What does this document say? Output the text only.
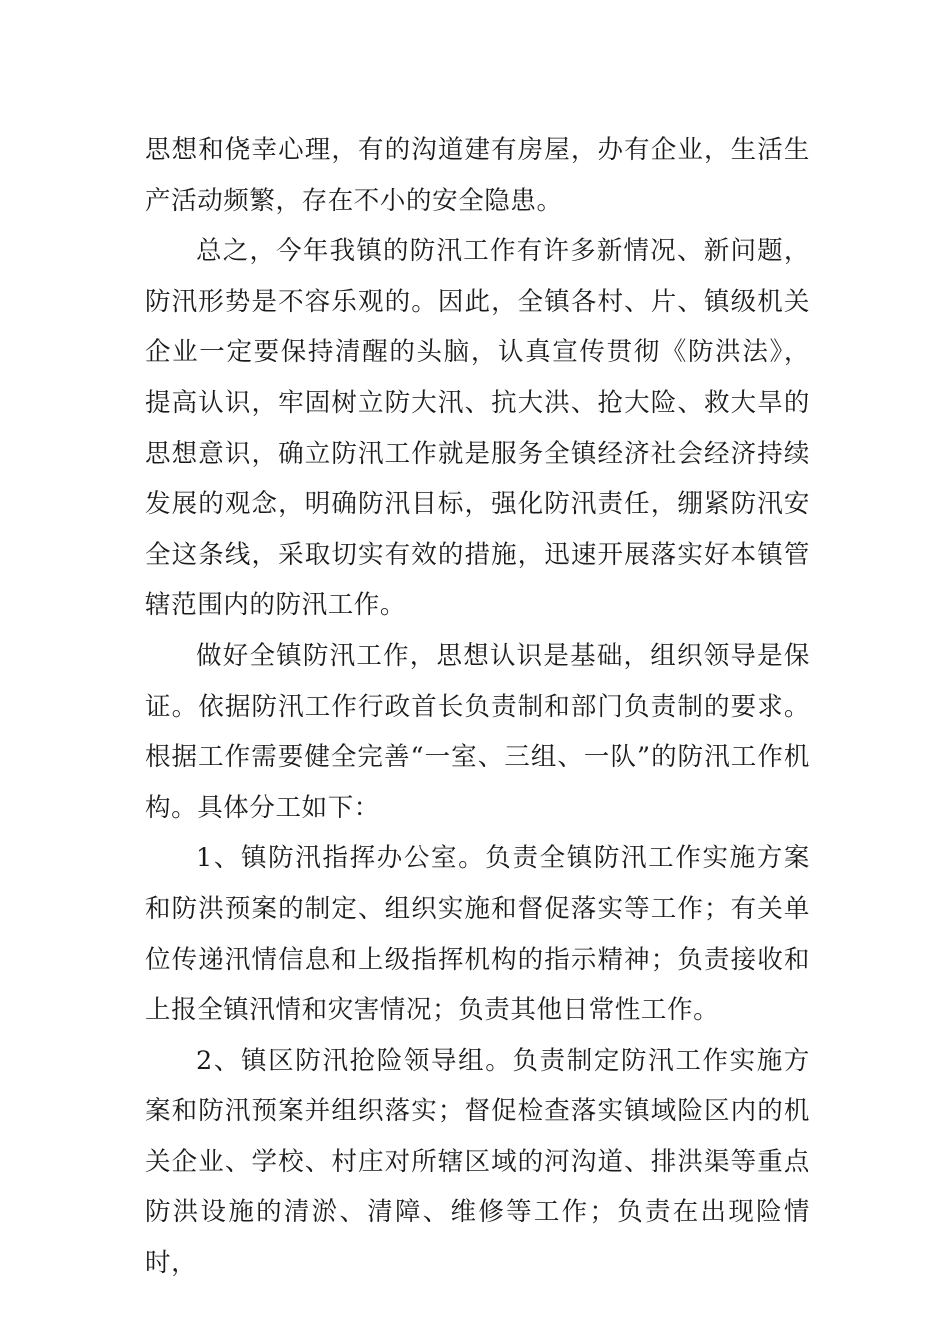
思想和侥幸心理，有的沟道建有房屋，办有企业，生活生产活动频繁，存在不小的安全隐患。

总之，今年我镇的防汛工作有许多新情况、新问题，防汛形势是不容乐观的。因此，全镇各村、片、镇级机关企业一定要保持清醒的头脑，认真宣传贯彻《防洪法》，提高认识，牢固树立防大汛、抗大洪、抢大险、救大旱的思想意识，确立防汛工作就是服务全镇经济社会经济持续发展的观念，明确防汛目标，强化防汛责任，绷紧防汛安全这条线，采取切实有效的措施，迅速开展落实好本镇管辖范围内的防汛工作。

做好全镇防汛工作，思想认识是基础，组织领导是保证。依据防汛工作行政首长负责制和部门负责制的要求。根据工作需要健全完善“一室、三组、一队”的防汛工作机构。具体分工如下：

1、镇防汛指挥办公室。负责全镇防汛工作实施方案和防洪预案的制定、组织实施和督促落实等工作；有关单位传递汛情信息和上级指挥机构的指示精神；负责接收和上报全镇汛情和灾害情况；负责其他日常性工作。

2、镇区防汛抢险领导组。负责制定防汛工作实施方案和防汛预案并组织落实；督促检查落实镇域险区内的机关企业、学校、村庄对所辖区域的河沟道、排洪渠等重点防洪设施的清淤、清障、维修等工作；负责在出现险情时，
